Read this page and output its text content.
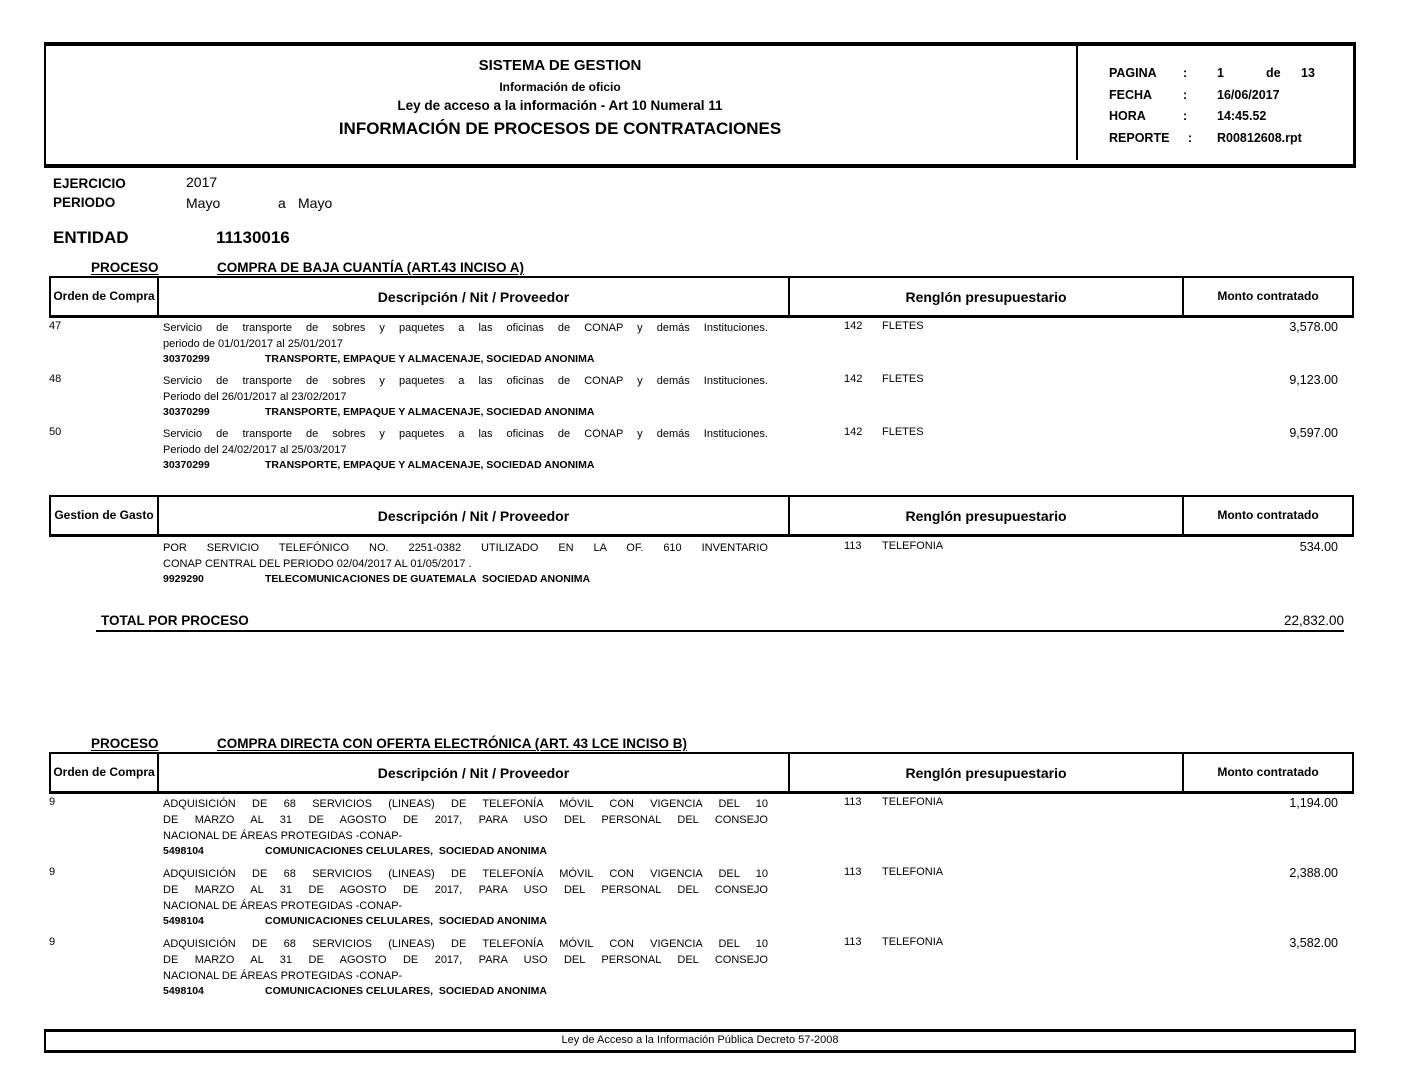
SISTEMA DE GESTION
Información de oficio
Ley de acceso a la información - Art 10 Numeral 11
INFORMACIÓN DE PROCESOS DE CONTRATACIONES
PAGINA : 1	de 13
FECHA : 16/06/2017
HORA	: 14:45.52
REPORTE : R00812608.rpt
EJERCICIO	2017
PERIODO	Mayo	a Mayo
ENTIDAD	11130016
PROCESO	COMPRA DE BAJA CUANTÍA (ART.43 INCISO A)
Orden de Compra	Descripción / Nit / Proveedor	Renglón presupuestario	Monto contratado
47	Servicio de transporte de sobres y paquetes a las oficinas de CONAP y demás Instituciones.
periodo de 01/01/2017 al 25/01/2017
30370299	TRANSPORTE, EMPAQUE Y ALMACENAJE, SOCIEDAD ANONIMA
142 FLETES	3,578.00
48	Servicio de transporte de sobres y paquetes a las oficinas de CONAP y demás Instituciones.
Periodo del 26/01/2017 al 23/02/2017
30370299	TRANSPORTE, EMPAQUE Y ALMACENAJE, SOCIEDAD ANONIMA
142 FLETES	9,123.00
50	Servicio de transporte de sobres y paquetes a las oficinas de CONAP y demás Instituciones.
Periodo del 24/02/2017 al 25/03/2017
30370299	TRANSPORTE, EMPAQUE Y ALMACENAJE, SOCIEDAD ANONIMA
142 FLETES	9,597.00
Gestion de Gasto	Descripción / Nit / Proveedor	Renglón presupuestario	Monto contratado
POR SERVICIO TELEFÓNICO NO. 2251-0382 UTILIZADO EN LA OF. 610 INVENTARIO
CONAP CENTRAL DEL PERIODO 02/04/2017 AL 01/05/2017 .
9929290	TELECOMUNICACIONES DE GUATEMALA  SOCIEDAD ANONIMA
113 TELEFONIA	534.00
TOTAL POR PROCESO	22,832.00
PROCESO	COMPRA DIRECTA CON OFERTA ELECTRÓNICA (ART. 43 LCE INCISO B)
Orden de Compra	Descripción / Nit / Proveedor	Renglón presupuestario	Monto contratado
9	ADQUISICIÓN DE 68 SERVICIOS (LINEAS) DE TELEFONÍA MÓVIL CON VIGENCIA DEL 10
DE MARZO AL 31 DE AGOSTO DE 2017, PARA USO DEL PERSONAL DEL CONSEJO
NACIONAL DE ÁREAS PROTEGIDAS -CONAP-
5498104	COMUNICACIONES CELULARES,  SOCIEDAD ANONIMA
113 TELEFONIA	1,194.00
9	ADQUISICIÓN DE 68 SERVICIOS (LINEAS) DE TELEFONÍA MÓVIL CON VIGENCIA DEL 10
DE MARZO AL 31 DE AGOSTO DE 2017, PARA USO DEL PERSONAL DEL CONSEJO
NACIONAL DE ÁREAS PROTEGIDAS -CONAP-
5498104	COMUNICACIONES CELULARES,  SOCIEDAD ANONIMA
113 TELEFONIA	2,388.00
9	ADQUISICIÓN DE 68 SERVICIOS (LINEAS) DE TELEFONÍA MÓVIL CON VIGENCIA DEL 10
DE MARZO AL 31 DE AGOSTO DE 2017, PARA USO DEL PERSONAL DEL CONSEJO
NACIONAL DE ÁREAS PROTEGIDAS -CONAP-
5498104	COMUNICACIONES CELULARES,  SOCIEDAD ANONIMA
113 TELEFONIA	3,582.00
Ley de Acceso a la Información Pública Decreto 57-2008
